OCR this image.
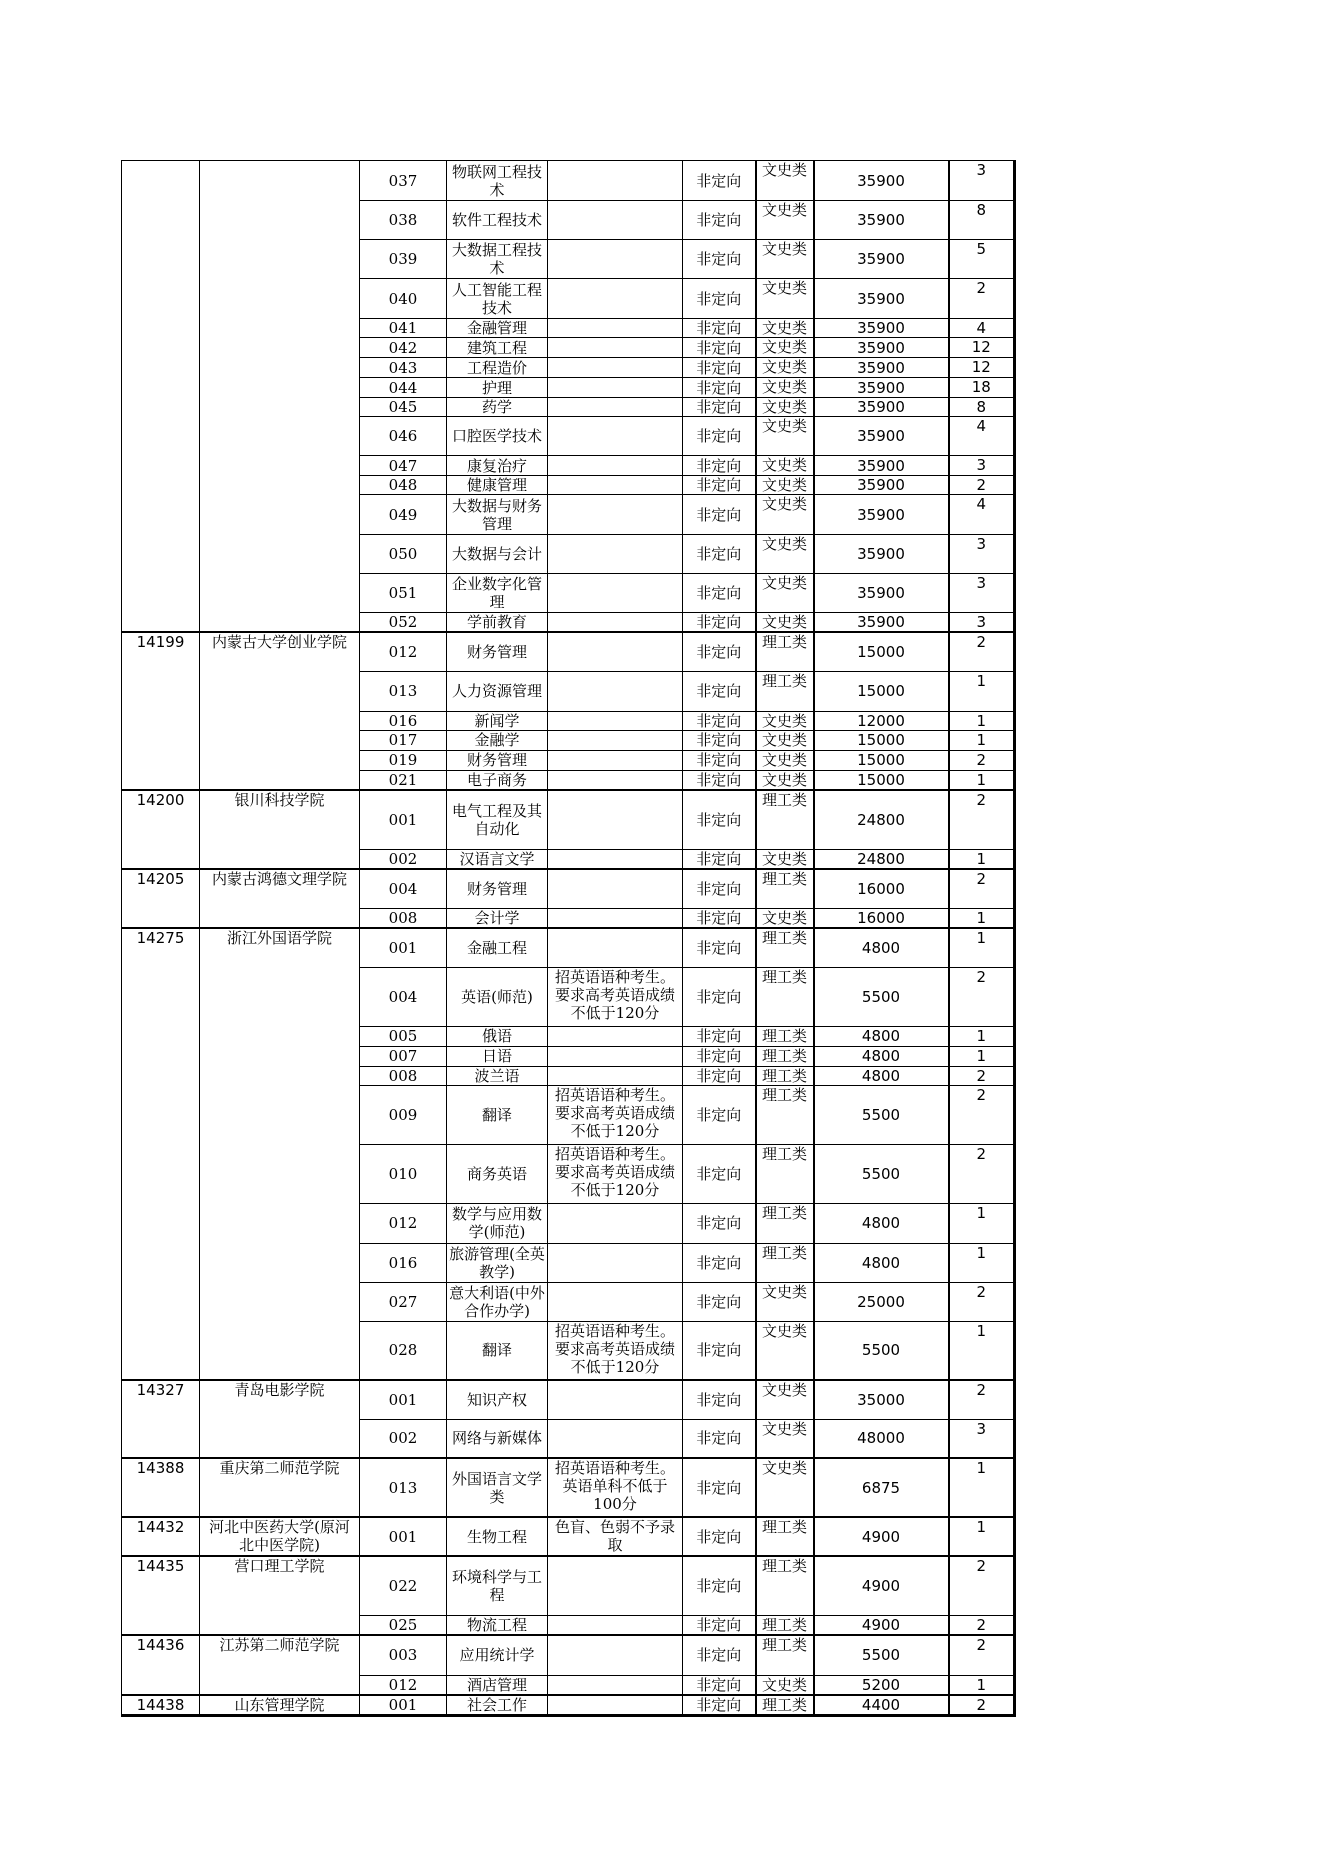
		037	物联网工程技术		非定向	文史类	35900	3
		038	软件工程技术		非定向	文史类	35900	8
		039	大数据工程技术		非定向	文史类	35900	5
		040	人工智能工程技术		非定向	文史类	35900	2
		041	金融管理		非定向	文史类	35900	4
		042	建筑工程		非定向	文史类	35900	12
		043	工程造价		非定向	文史类	35900	12
		044	护理		非定向	文史类	35900	18
		045	药学		非定向	文史类	35900	8
		046	口腔医学技术		非定向	文史类	35900	4
		047	康复治疗		非定向	文史类	35900	3
		048	健康管理		非定向	文史类	35900	2
		049	大数据与财务管理		非定向	文史类	35900	4
		050	大数据与会计		非定向	文史类	35900	3
		051	企业数字化管理		非定向	文史类	35900	3
		052	学前教育		非定向	文史类	35900	3
14199	内蒙古大学创业学院	012	财务管理		非定向	理工类	15000	2
		013	人力资源管理		非定向	理工类	15000	1
		016	新闻学		非定向	文史类	12000	1
		017	金融学		非定向	文史类	15000	1
		019	财务管理		非定向	文史类	15000	2
		021	电子商务		非定向	文史类	15000	1
14200	银川科技学院	001	电气工程及其自动化		非定向	理工类	24800	2
		002	汉语言文学		非定向	文史类	24800	1
14205	内蒙古鸿德文理学院	004	财务管理		非定向	理工类	16000	2
		008	会计学		非定向	文史类	16000	1
14275	浙江外国语学院	001	金融工程		非定向	理工类	4800	1
		004	英语(师范)	招英语语种考生。要求高考英语成绩不低于120分	非定向	理工类	5500	2
		005	俄语		非定向	理工类	4800	1
		007	日语		非定向	理工类	4800	1
		008	波兰语		非定向	理工类	4800	2
		009	翻译	招英语语种考生。要求高考英语成绩不低于120分	非定向	理工类	5500	2
		010	商务英语	招英语语种考生。要求高考英语成绩不低于120分	非定向	理工类	5500	2
		012	数学与应用数学(师范)		非定向	理工类	4800	1
		016	旅游管理(全英教学)		非定向	理工类	4800	1
		027	意大利语(中外合作办学)		非定向	文史类	25000	2
		028	翻译	招英语语种考生。要求高考英语成绩不低于120分	非定向	文史类	5500	1
14327	青岛电影学院	001	知识产权		非定向	文史类	35000	2
		002	网络与新媒体		非定向	文史类	48000	3
14388	重庆第二师范学院	013	外国语言文学类	招英语语种考生。英语单科不低于100分	非定向	文史类	6875	1
14432	河北中医药大学(原河北中医学院)	001	生物工程	色盲、色弱不予录取	非定向	理工类	4900	1
14435	营口理工学院	022	环境科学与工程		非定向	理工类	4900	2
		025	物流工程		非定向	理工类	4900	2
14436	江苏第二师范学院	003	应用统计学		非定向	理工类	5500	2
		012	酒店管理		非定向	文史类	5200	1
14438	山东管理学院	001	社会工作		非定向	理工类	4400	2
